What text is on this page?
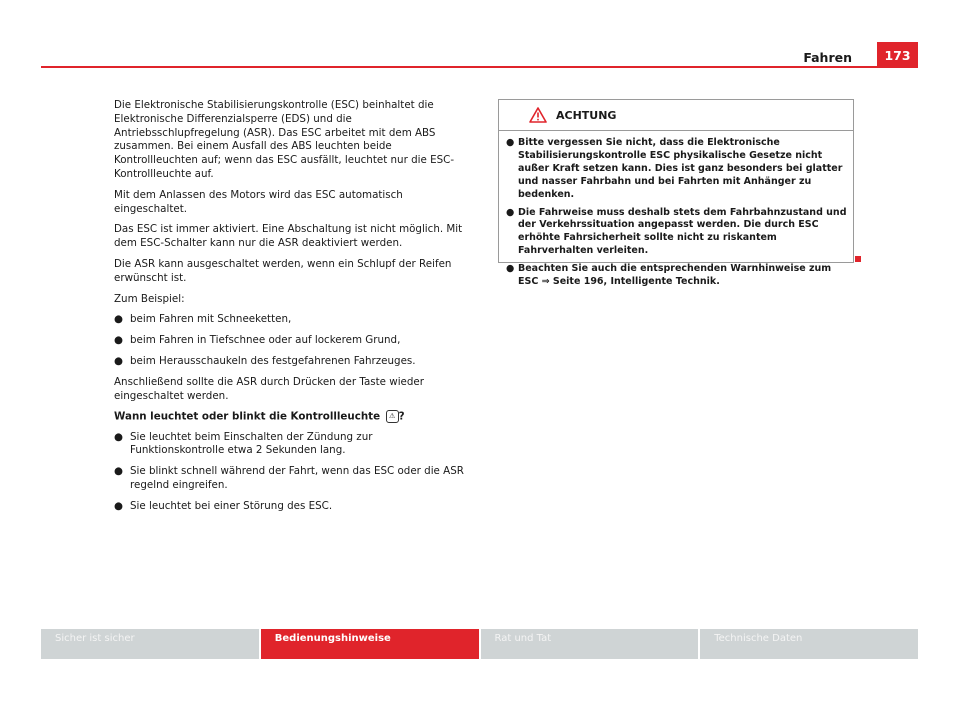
Fahren	173

Die Elektronische Stabilisierungskontrolle (ESC) beinhaltet die Elektronische Differenzialsperre (EDS) und die Antriebsschlupfregelung (ASR). Das ESC arbeitet mit dem ABS zusammen. Bei einem Ausfall des ABS leuchten beide Kontrollleuchten auf; wenn das ESC ausfällt, leuchtet nur die ESC-Kontrollleuchte auf.

Mit dem Anlassen des Motors wird das ESC automatisch eingeschaltet.

Das ESC ist immer aktiviert. Eine Abschaltung ist nicht möglich. Mit dem ESC-Schalter kann nur die ASR deaktiviert werden.

Die ASR kann ausgeschaltet werden, wenn ein Schlupf der Reifen erwünscht ist.

Zum Beispiel:

● beim Fahren mit Schneeketten,
● beim Fahren in Tiefschnee oder auf lockerem Grund,
● beim Herausschaukeln des festgefahrenen Fahrzeuges.

Anschließend sollte die ASR durch Drücken der Taste wieder eingeschaltet werden.

Wann leuchtet oder blinkt die Kontrollleuchte ⚠ ?
● Sie leuchtet beim Einschalten der Zündung zur Funktionskontrolle etwa 2 Sekunden lang.
● Sie blinkt schnell während der Fahrt, wenn das ESC oder die ASR regelnd eingreifen.
● Sie leuchtet bei einer Störung des ESC.
ACHTUNG
● Bitte vergessen Sie nicht, dass die Elektronische Stabilisierungskontrolle ESC physikalische Gesetze nicht außer Kraft setzen kann. Dies ist ganz besonders bei glatter und nasser Fahrbahn und bei Fahrten mit Anhänger zu bedenken.
● Die Fahrweise muss deshalb stets dem Fahrbahnzustand und der Verkehrssituation angepasst werden. Die durch ESC erhöhte Fahrsicherheit sollte nicht zu riskantem Fahrverhalten verleiten.
● Beachten Sie auch die entsprechenden Warnhinweise zum ESC ⇒ Seite 196, Intelligente Technik.
Sicher ist sicher	Bedienungshinweise	Rat und Tat	Technische Daten
